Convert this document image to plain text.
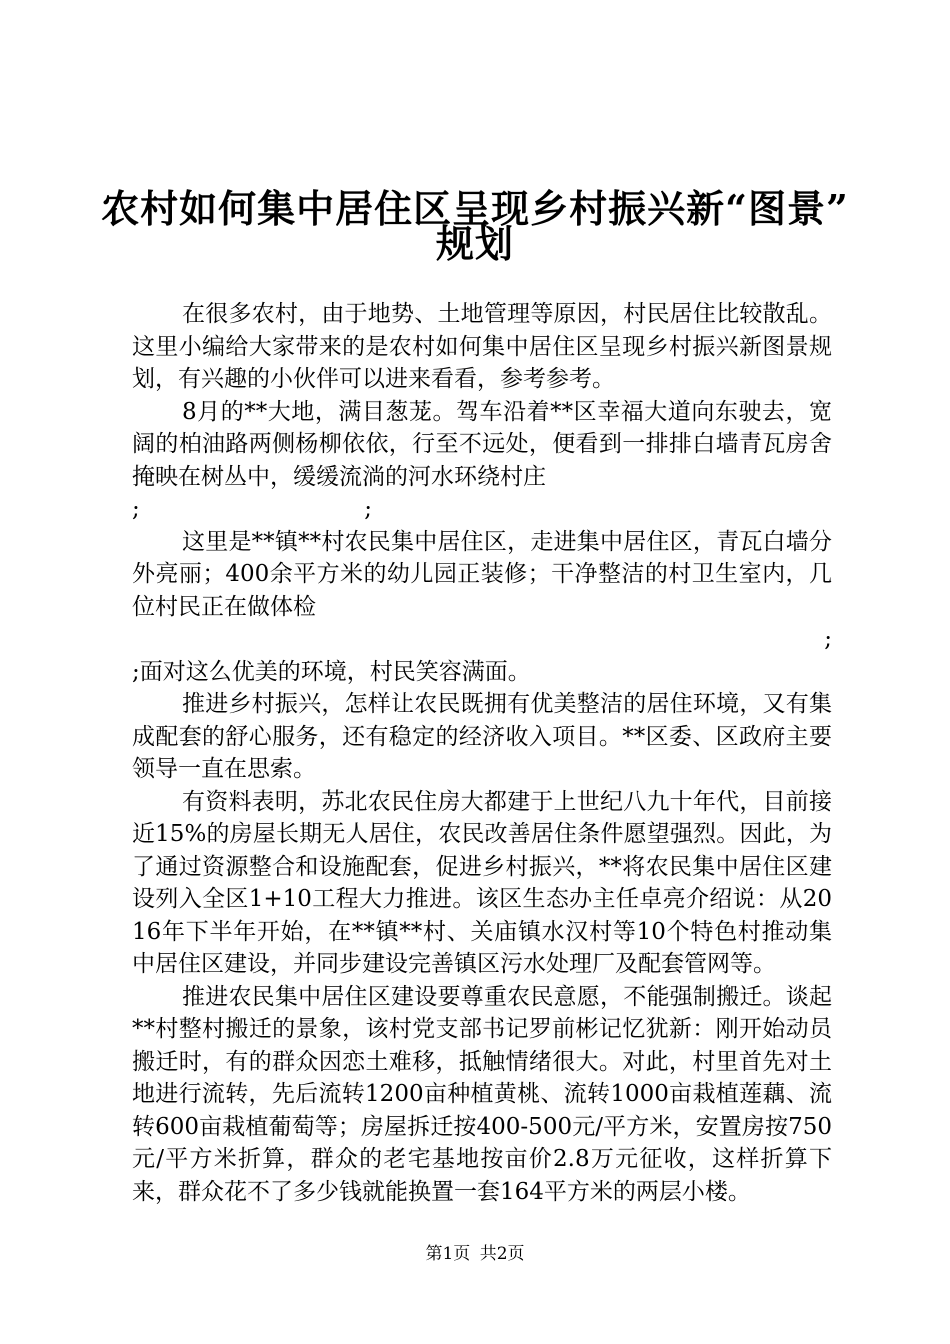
农村如何集中居住区呈现乡村振兴新“图景”
规划

在很多农村，由于地势、土地管理等原因，村民居住比较散乱。这里小编给大家带来的是农村如何集中居住区呈现乡村振兴新图景规划，有兴趣的小伙伴可以进来看看，参考参考。

8月的**大地，满目葱茏。驾车沿着**区幸福大道向东驶去，宽阔的柏油路两侧杨柳依依，行至不远处，便看到一排排白墙青瓦房舍掩映在树丛中，缓缓流淌的河水环绕村庄

;	;

这里是**镇**村农民集中居住区，走进集中居住区，青瓦白墙分外亮丽；400余平方米的幼儿园正装修；干净整洁的村卫生室内，几位村民正在做体检

;
;面对这么优美的环境，村民笑容满面。

推进乡村振兴，怎样让农民既拥有优美整洁的居住环境，又有集成配套的舒心服务，还有稳定的经济收入项目。**区委、区政府主要领导一直在思索。

有资料表明，苏北农民住房大都建于上世纪八九十年代，目前接近15%的房屋长期无人居住，农民改善居住条件愿望强烈。因此，为了通过资源整合和设施配套，促进乡村振兴，**将农民集中居住区建设列入全区1+10工程大力推进。该区生态办主任卓亮介绍说：从2016年下半年开始，在**镇**村、关庙镇水汉村等10个特色村推动集中居住区建设，并同步建设完善镇区污水处理厂及配套管网等。

推进农民集中居住区建设要尊重农民意愿，不能强制搬迁。谈起**村整村搬迁的景象，该村党支部书记罗前彬记忆犹新：刚开始动员搬迁时，有的群众因恋土难移，抵触情绪很大。对此，村里首先对土地进行流转，先后流转1200亩种植黄桃、流转1000亩栽植莲藕、流转600亩栽植葡萄等；房屋拆迁按400-500元/平方米，安置房按750元/平方米折算，群众的老宅基地按亩价2.8万元征收，这样折算下来，群众花不了多少钱就能换置一套164平方米的两层小楼。

第1页 共2页
